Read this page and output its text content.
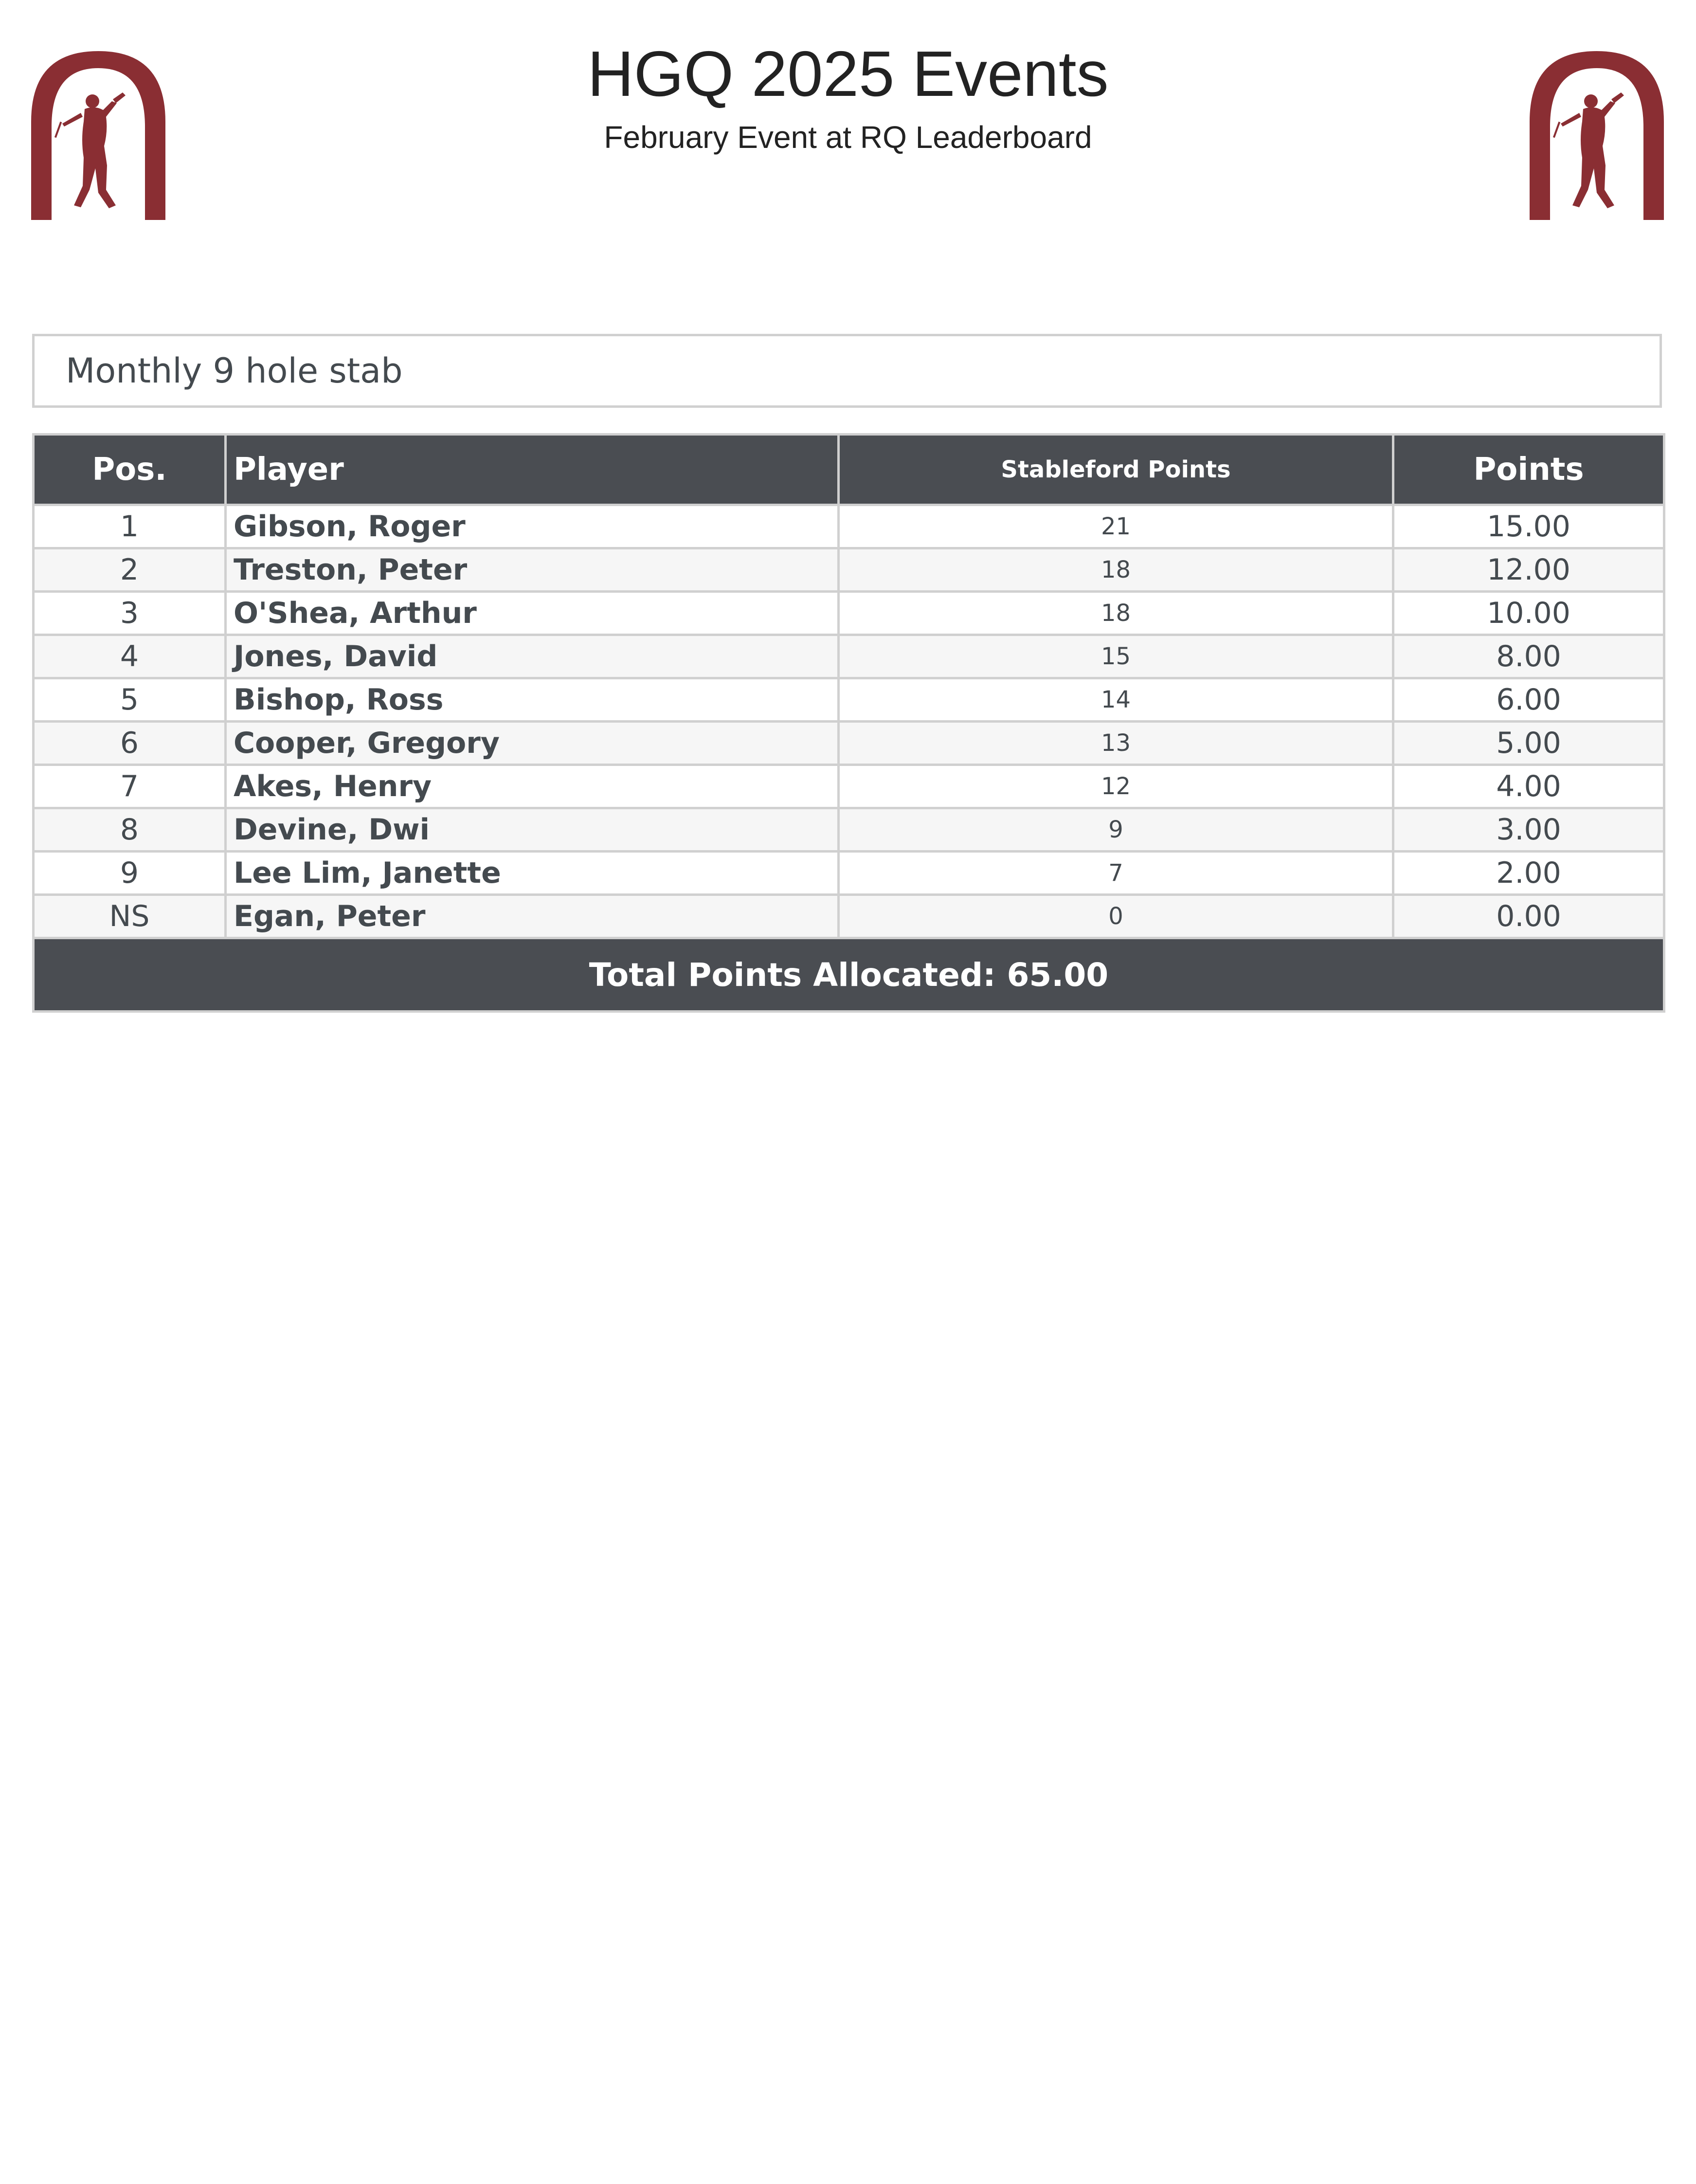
HGQ 2025 Events
February Event at RQ Leaderboard
Monthly 9 hole stab
Pos.	Player	Stableford Points	Points
1	Gibson, Roger	21	15.00
2	Treston, Peter	18	12.00
3	O'Shea, Arthur	18	10.00
4	Jones, David	15	8.00
5	Bishop, Ross	14	6.00
6	Cooper, Gregory	13	5.00
7	Akes, Henry	12	4.00
8	Devine, Dwi	9	3.00
9	Lee Lim, Janette	7	2.00
NS	Egan, Peter	0	0.00
Total Points Allocated: 65.00			
